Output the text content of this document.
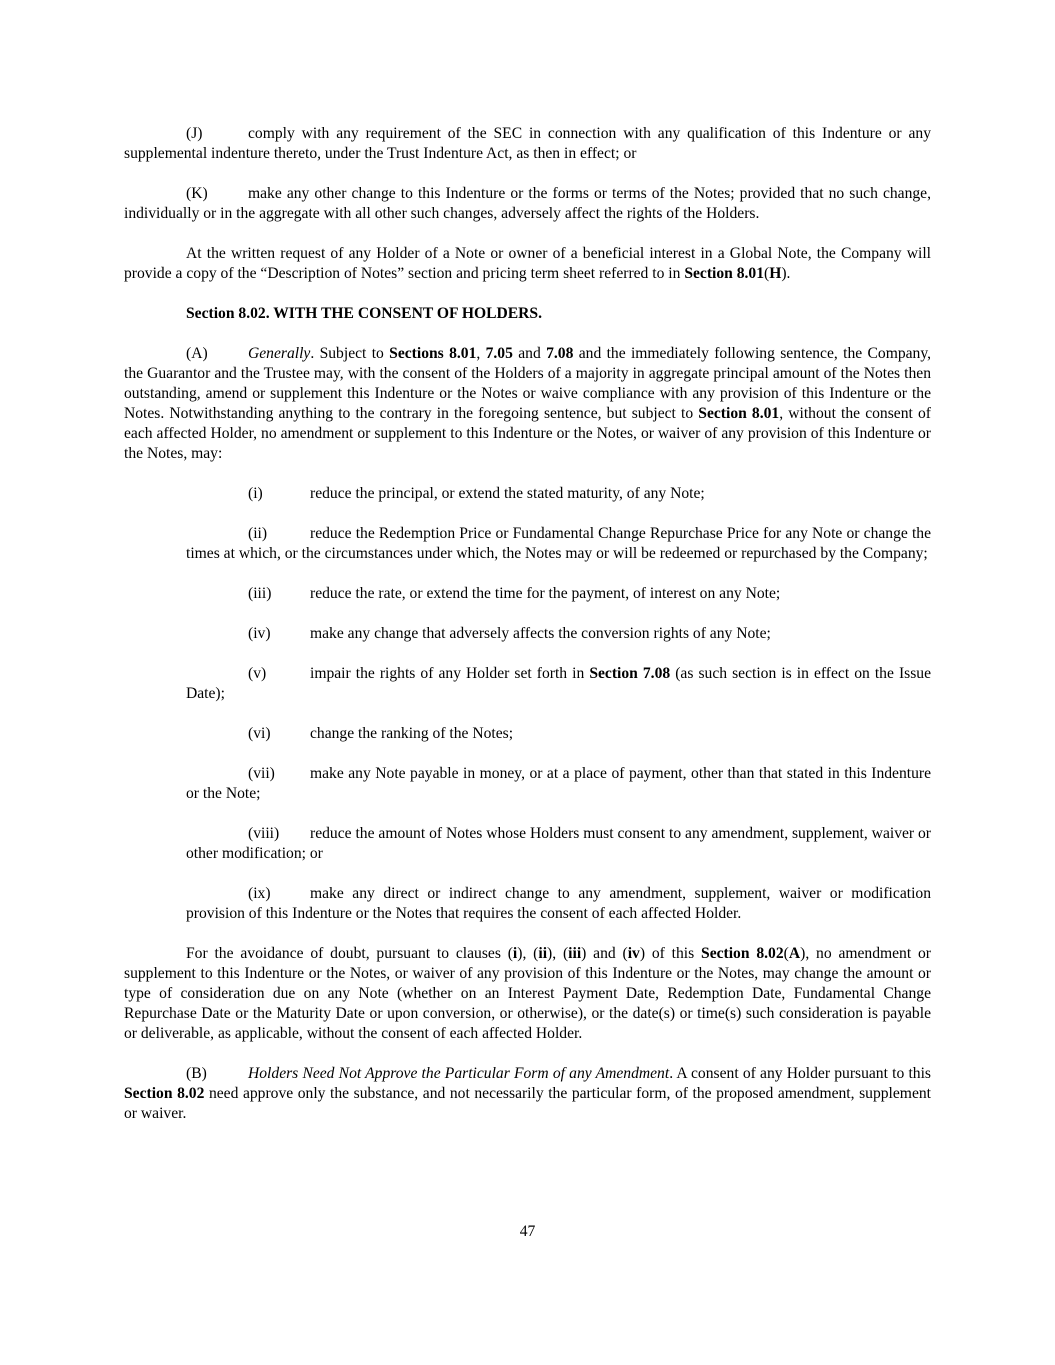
(J)	comply with any requirement of the SEC in connection with any qualification of this Indenture or any supplemental indenture thereto, under the Trust Indenture Act, as then in effect; or

(K)	make any other change to this Indenture or the forms or terms of the Notes; provided that no such change, individually or in the aggregate with all other such changes, adversely affect the rights of the Holders.

At the written request of any Holder of a Note or owner of a beneficial interest in a Global Note, the Company will provide a copy of the “Description of Notes” section and pricing term sheet referred to in Section 8.01(H).

Section 8.02. WITH THE CONSENT OF HOLDERS.

(A)	Generally. Subject to Sections 8.01, 7.05 and 7.08 and the immediately following sentence, the Company, the Guarantor and the Trustee may, with the consent of the Holders of a majority in aggregate principal amount of the Notes then outstanding, amend or supplement this Indenture or the Notes or waive compliance with any provision of this Indenture or the Notes. Notwithstanding anything to the contrary in the foregoing sentence, but subject to Section 8.01, without the consent of each affected Holder, no amendment or supplement to this Indenture or the Notes, or waiver of any provision of this Indenture or the Notes, may:

(i)	reduce the principal, or extend the stated maturity, of any Note;

(ii)	reduce the Redemption Price or Fundamental Change Repurchase Price for any Note or change the times at which, or the circumstances under which, the Notes may or will be redeemed or repurchased by the Company;

(iii) reduce the rate, or extend the time for the payment, of interest on any Note;

(iv)	make any change that adversely affects the conversion rights of any Note;

(v)	impair the rights of any Holder set forth in Section 7.08 (as such section is in effect on the Issue Date);

(vi)	change the ranking of the Notes;

(vii) make any Note payable in money, or at a place of payment, other than that stated in this Indenture or the Note;

(viii) reduce the amount of Notes whose Holders must consent to any amendment, supplement, waiver or other modification; or

(ix)	make any direct or indirect change to any amendment, supplement, waiver or modification provision of this Indenture or the Notes that requires the consent of each affected Holder.

For the avoidance of doubt, pursuant to clauses (i), (ii), (iii) and (iv) of this Section 8.02(A), no amendment or supplement to this Indenture or the Notes, or waiver of any provision of this Indenture or the Notes, may change the amount or type of consideration due on any Note (whether on an Interest Payment Date, Redemption Date, Fundamental Change Repurchase Date or the Maturity Date or upon conversion, or otherwise), or the date(s) or time(s) such consideration is payable or deliverable, as applicable, without the consent of each affected Holder.

(B)	Holders Need Not Approve the Particular Form of any Amendment. A consent of any Holder pursuant to this Section 8.02 need approve only the substance, and not necessarily the particular form, of the proposed amendment, supplement or waiver.

47
